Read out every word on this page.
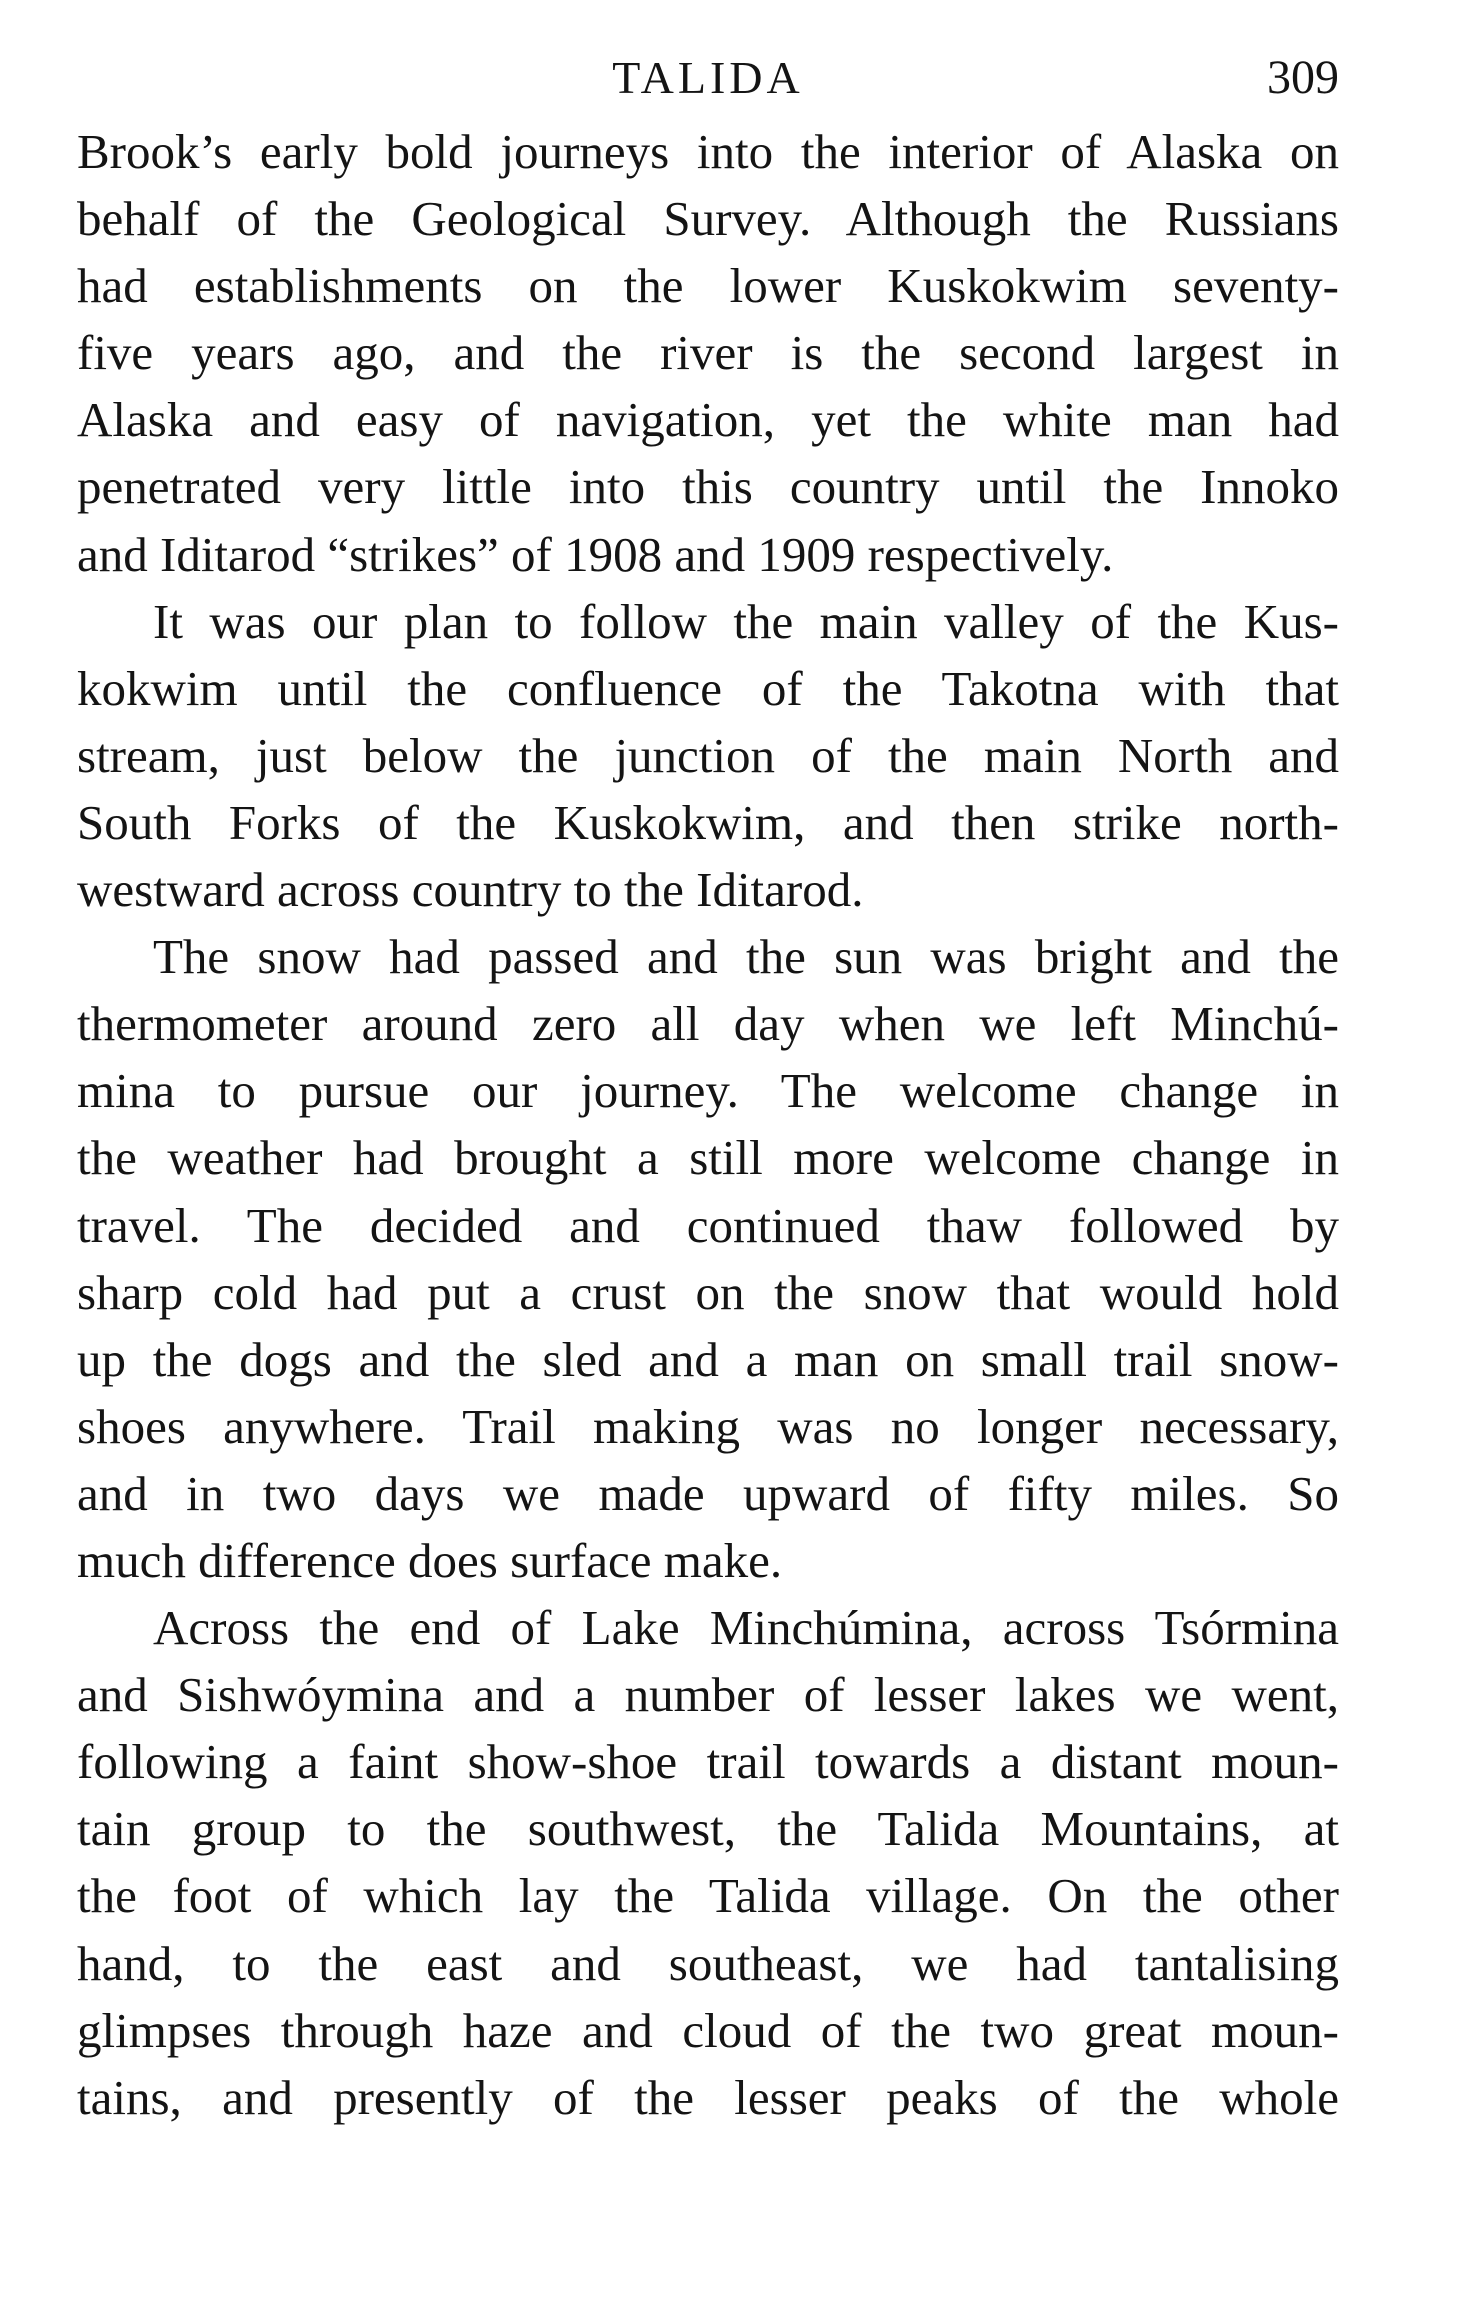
TALIDA	309
Brook’s early bold journeys into the interior of Alaska on
behalf of the Geological Survey. Although the Russians
had establishments on the lower Kuskokwim seventy-
five years ago, and the river is the second largest in
Alaska and easy of navigation, yet the white man had
penetrated very little into this country until the Innoko
and Iditarod “strikes” of 1908 and 1909 respectively.
It was our plan to follow the main valley of the Kus-
kokwim until the confluence of the Takotna with that
stream, just below the junction of the main North and
South Forks of the Kuskokwim, and then strike north-
westward across country to the Iditarod.
The snow had passed and the sun was bright and the
thermometer around zero all day when we left Minchú-
mina to pursue our journey. The welcome change in
the weather had brought a still more welcome change in
travel. The decided and continued thaw followed by
sharp cold had put a crust on the snow that would hold
up the dogs and the sled and a man on small trail snow-
shoes anywhere. Trail making was no longer necessary,
and in two days we made upward of fifty miles. So
much difference does surface make.
Across the end of Lake Minchúmina, across Tsórmina
and Sishwóymina and a number of lesser lakes we went,
following a faint show-shoe trail towards a distant moun-
tain group to the southwest, the Talida Mountains, at
the foot of which lay the Talida village. On the other
hand, to the east and southeast, we had tantalising
glimpses through haze and cloud of the two great moun-
tains, and presently of the lesser peaks of the whole
